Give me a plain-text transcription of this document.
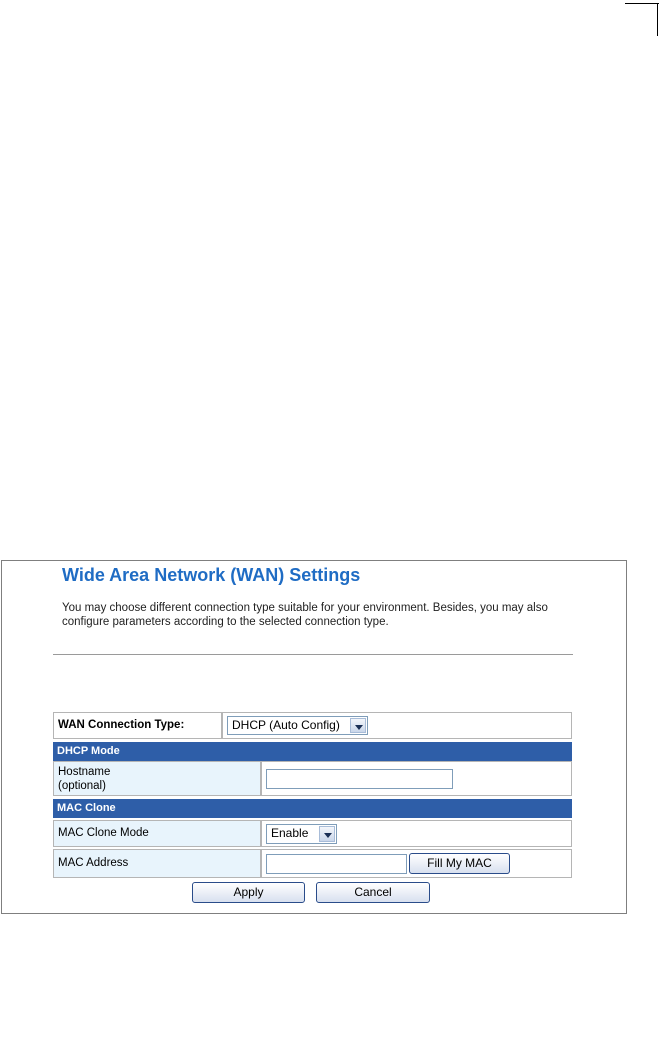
Wide Area Network (WAN) Settings
You may choose different connection type suitable for your environment. Besides, you may also configure parameters according to the selected connection type.
WAN Connection Type:	DHCP (Auto Config)
DHCP Mode
Hostname
(optional)
MAC Clone
MAC Clone Mode	Enable
MAC Address	Fill My MAC
Apply	Cancel
